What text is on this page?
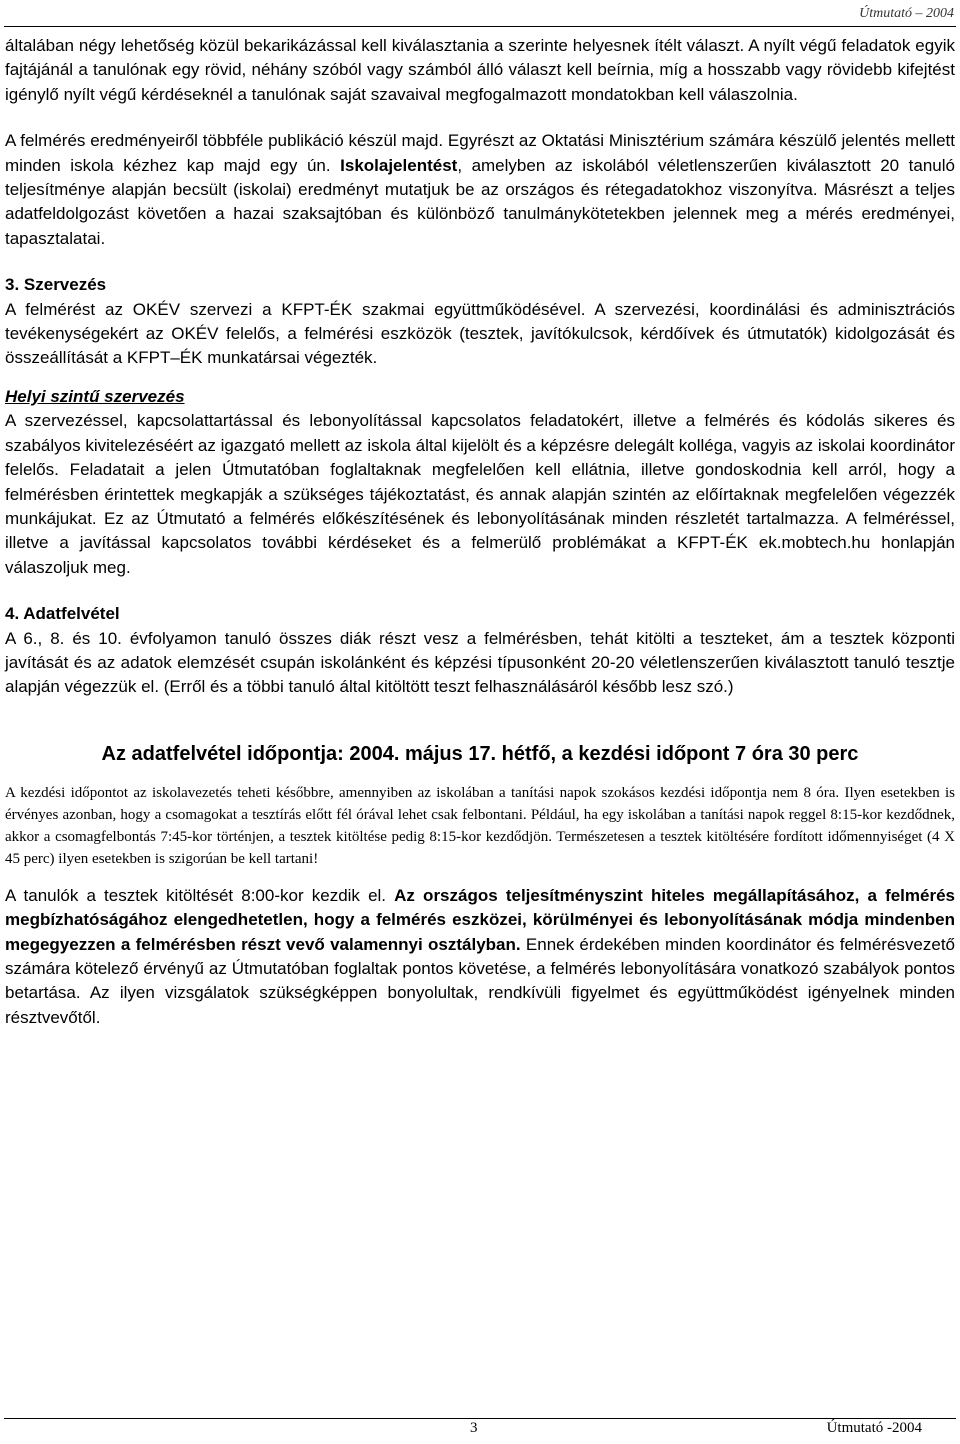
Útmutató – 2004

általában négy lehetőség közül bekarikázással kell kiválasztania a szerinte helyesnek ítélt választ. A nyílt végű feladatok egyik fajtájánál a tanulónak egy rövid, néhány szóból vagy számból álló választ kell beírnia, míg a hosszabb vagy rövidebb kifejtést igénylő nyílt végű kérdéseknél a tanulónak saját szavaival megfogalmazott mondatokban kell válaszolnia.

A felmérés eredményeiről többféle publikáció készül majd. Egyrészt az Oktatási Minisztérium számára készülő jelentés mellett minden iskola kézhez kap majd egy ún. Iskolajelentést, amelyben az iskolából véletlenszerűen kiválasztott 20 tanuló teljesítménye alapján becsült (iskolai) eredményt mutatjuk be az országos és rétegadatokhoz viszonyítva. Másrészt a teljes adatfeldolgozást követően a hazai szaksajtóban és különböző tanulmánykötetekben jelennek meg a mérés eredményei, tapasztalatai.

3. Szervezés

A felmérést az OKÉV szervezi a KFPT-ÉK szakmai együttműködésével. A szervezési, koordinálási és adminisztrációs tevékenységekért az OKÉV felelős, a felmérési eszközök (tesztek, javítókulcsok, kérdőívek és útmutatók) kidolgozását és összeállítását a KFPT–ÉK munkatársai végezték.

Helyi szintű szervezés

A szervezéssel, kapcsolattartással és lebonyolítással kapcsolatos feladatokért, illetve a felmérés és kódolás sikeres és szabályos kivitelezéséért az igazgató mellett az iskola által kijelölt és a képzésre delegált kollégа, vagyis az iskolai koordinátor felelős. Feladatait a jelen Útmutatóban foglaltaknak megfelelően kell ellátnia, illetve gondoskodnia kell arról, hogy a felmérésben érintettek megkapják a szükséges tájékoztatást, és annak alapján szintén az előírtaknak megfelelően végezzék munkájukat. Ez az Útmutató a felmérés előkészítésének és lebonyolításának minden részletét tartalmazza. A felméréssel, illetve a javítással kapcsolatos további kérdéseket és a felmerülő problémákat a KFPT-ÉK ek.mobtech.hu honlapján válaszoljuk meg.

4. Adatfelvétel

A 6., 8. és 10. évfolyamon tanuló összes diák részt vesz a felmérésben, tehát kitölti a teszteket, ám a tesztek központi javítását és az adatok elemzését csupán iskolánként és képzési típusonként 20-20 véletlenszerűen kiválasztott tanuló tesztje alapján végezzük el. (Erről és a többi tanuló által kitöltött teszt felhasználásáról később lesz szó.)

Az adatfelvétel időpontja: 2004. május 17. hétfő, a kezdési időpont 7 óra 30 perc

A kezdési időpontot az iskolavezetés teheti későbbre, amennyiben az iskolában a tanítási napok szokásos kezdési időpontja nem 8 óra. Ilyen esetekben is érvényes azonban, hogy a csomagokat a tesztírás előtt fél órával lehet csak felbontani. Például, ha egy iskolában a tanítási napok reggel 8:15-kor kezdődnek, akkor a csomagfelbontás 7:45-kor történjen, a tesztek kitöltése pedig 8:15-kor kezdődjön. Természetesen a tesztek kitöltésére fordított időmennyiséget (4 X 45 perc) ilyen esetekben is szigorúan be kell tartani!

A tanulók a tesztek kitöltését 8:00-kor kezdik el. Az országos teljesítményszint hiteles megállapításához, a felmérés megbízhatóságához elengedhetetlen, hogy a felmérés eszközei, körülményei és lebonyolításának módja mindenben megegyezzen a felmérésben részt vevő valamennyi osztályban. Ennek érdekében minden koordinátor és felmérésvezető számára kötelező érvényű az Útmutatóban foglaltak pontos követése, a felmérés lebonyolítására vonatkozó szabályok pontos betartása. Az ilyen vizsgálatok szükségképpen bonyolultak, rendkívüli figyelmet és együttműködést igényelnek minden résztvevőtől.

3	Útmutató -2004
